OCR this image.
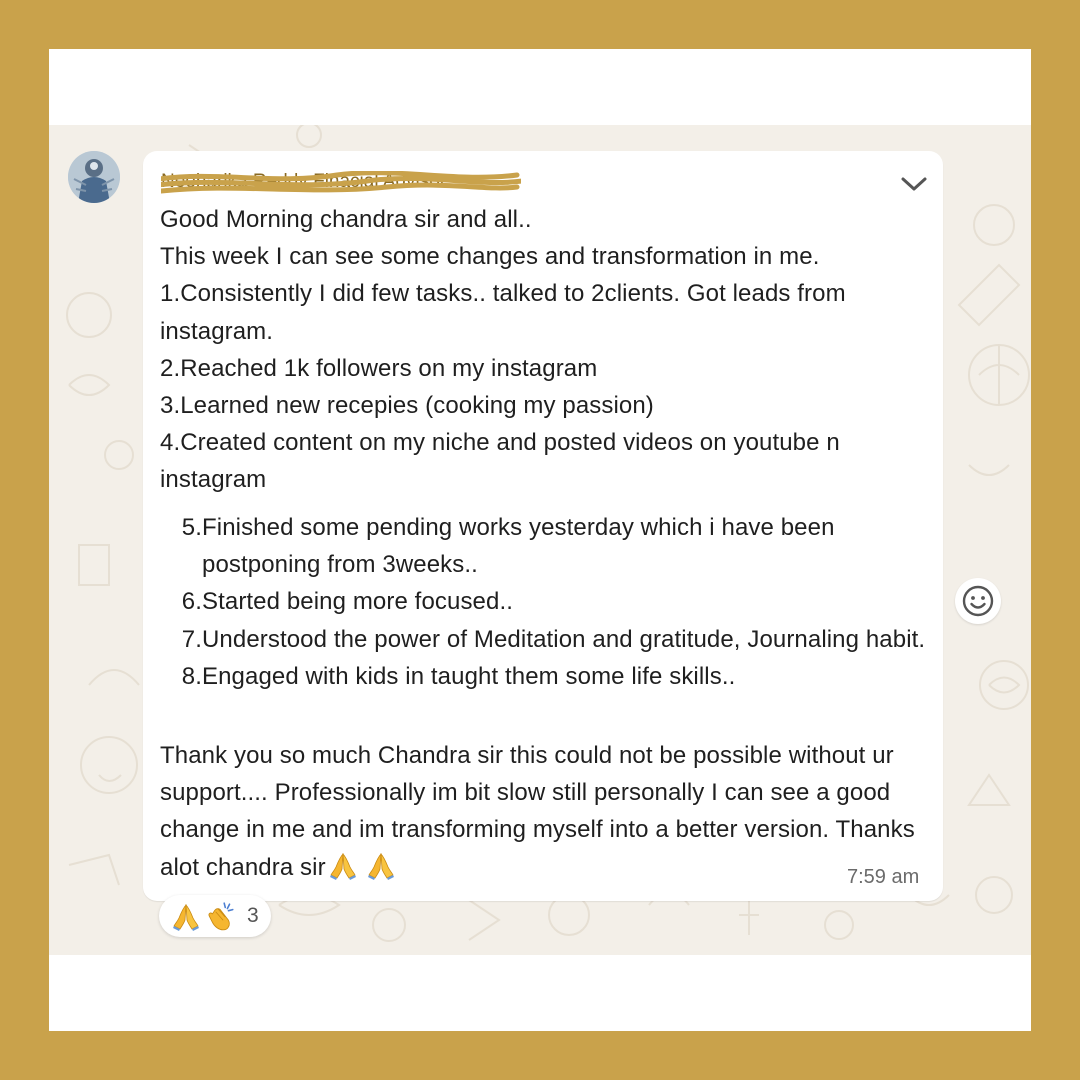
Neeharika Reddy Finacial Advisor

Good Morning chandra sir and all..

This week I can see some changes and transformation in me.

1.Consistently I did few tasks.. talked to 2clients. Got leads from instagram.

2.Reached 1k followers on my instagram

3.Learned new recepies (cooking my passion)

4.Created content on my niche and posted videos on youtube n instagram

5. Finished some pending works yesterday which i have been postponing from 3weeks..
6. Started being more focused..
7. Understood the power of Meditation and gratitude, Journaling habit.
8. Engaged with kids in taught them some life skills..
Thank you so much Chandra sir this could not be possible without ur support.... Professionally im bit slow still personally I can see a good change in me and im transforming myself into a better version. Thanks alot chandra sir	7:59 am
3
